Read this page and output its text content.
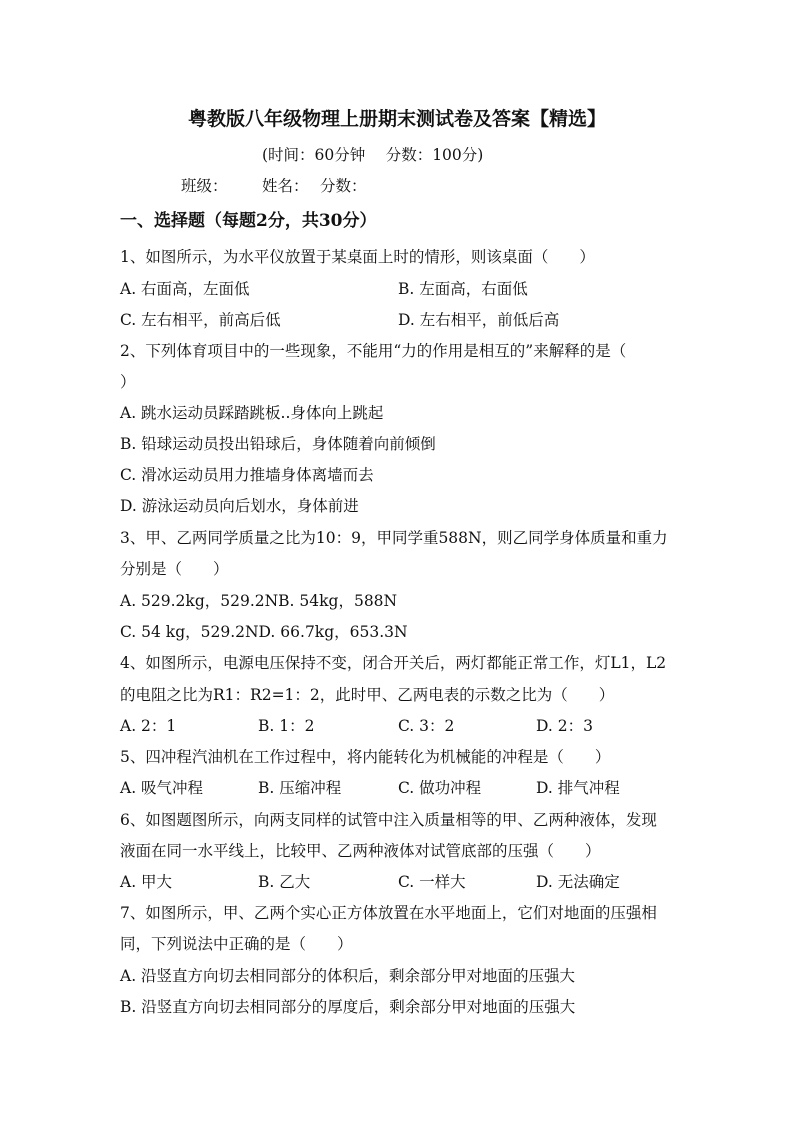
粤教版八年级物理上册期末测试卷及答案【精选】
(时间：60分钟　 分数：100分)
班级： 姓名： 分数：
一、选择题（每题2分，共30分）
1、如图所示，为水平仪放置于某桌面上时的情形，则该桌面（　　）
A. 右面高，左面低	B. 左面高，右面低
C. 左右相平，前高后低	D. 左右相平，前低后高
2、下列体育项目中的一些现象，不能用“力的作用是相互的”来解释的是（
）
A. 跳水运动员踩踏跳板..身体向上跳起
B. 铅球运动员投出铅球后，身体随着向前倾倒
C. 滑冰运动员用力推墙身体离墙而去
D. 游泳运动员向后划水，身体前进
3、甲、乙两同学质量之比为10：9，甲同学重588N，则乙同学身体质量和重力
分别是（　　）
A. 529.2kg，529.2NB. 54kg，588N
C. 54 kg，529.2ND. 66.7kg，653.3N
4、如图所示，电源电压保持不变，闭合开关后，两灯都能正常工作，灯L1，L2
的电阻之比为R1：R2=1：2，此时甲、乙两电表的示数之比为（　　）
A. 2：1	B. 1：2	C. 3：2	D. 2：3
5、四冲程汽油机在工作过程中，将内能转化为机械能的冲程是（　　）
A. 吸气冲程	B. 压缩冲程	C. 做功冲程	D. 排气冲程
6、如图题图所示，向两支同样的试管中注入质量相等的甲、乙两种液体，发现
液面在同一水平线上，比较甲、乙两种液体对试管底部的压强（　　）
A. 甲大	B. 乙大	C. 一样大	D. 无法确定
7、如图所示，甲、乙两个实心正方体放置在水平地面上，它们对地面的压强相
同，下列说法中正确的是（　　）
A. 沿竖直方向切去相同部分的体积后，剩余部分甲对地面的压强大
B. 沿竖直方向切去相同部分的厚度后，剩余部分甲对地面的压强大
